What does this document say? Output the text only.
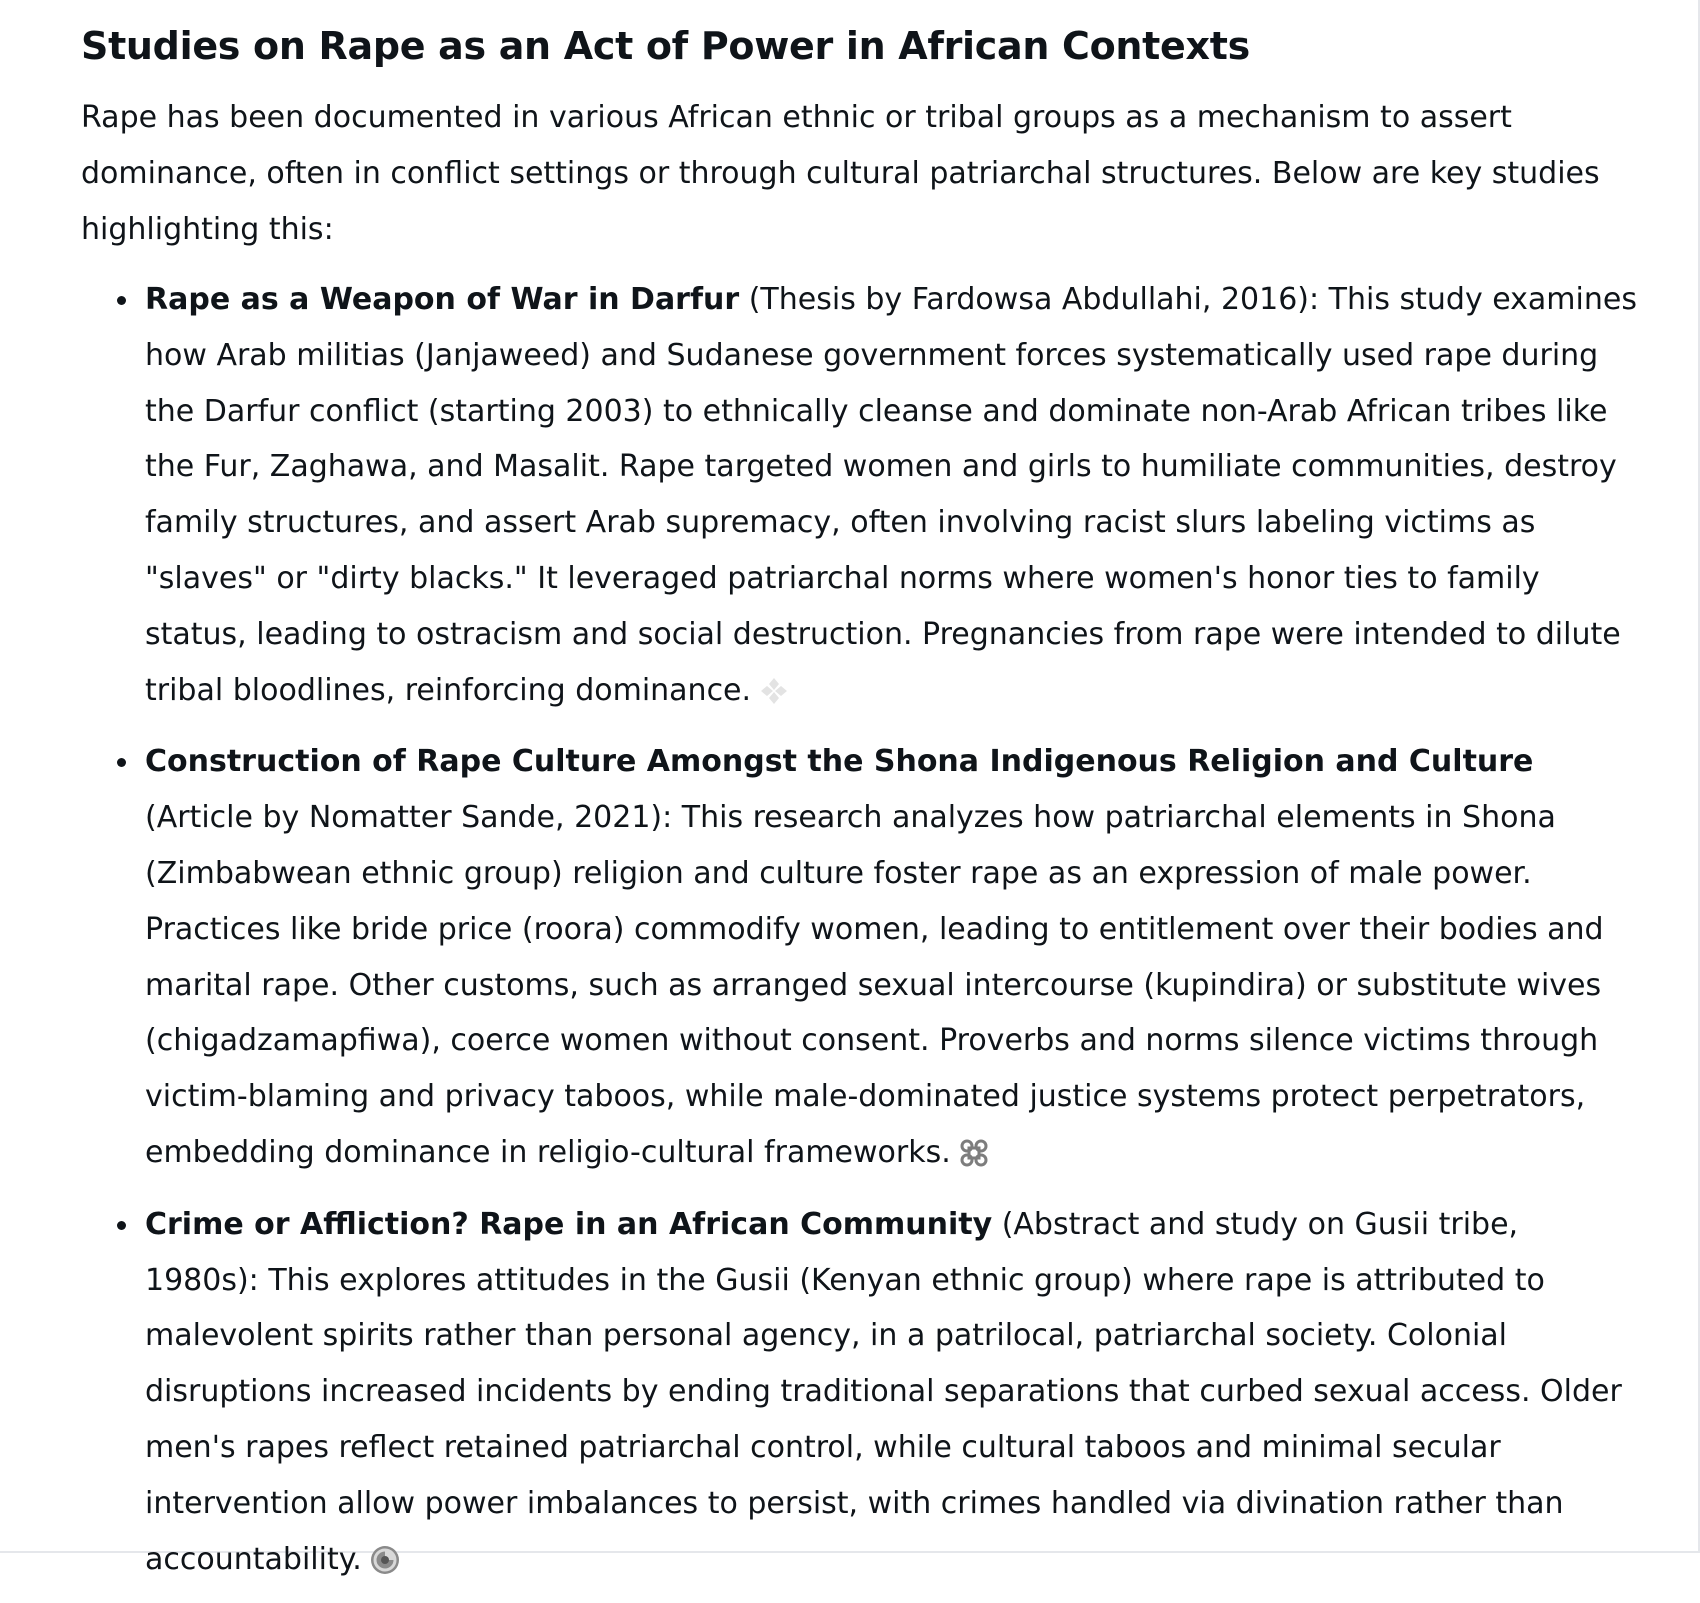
Studies on Rape as an Act of Power in African Contexts

Rape has been documented in various African ethnic or tribal groups as a mechanism to assert dominance, often in conflict settings or through cultural patriarchal structures. Below are key studies highlighting this:

Rape as a Weapon of War in Darfur (Thesis by Fardowsa Abdullahi, 2016): This study examines how Arab militias (Janjaweed) and Sudanese government forces systematically used rape during the Darfur conflict (starting 2003) to ethnically cleanse and dominate non-Arab African tribes like the Fur, Zaghawa, and Masalit. Rape targeted women and girls to humiliate communities, destroy family structures, and assert Arab supremacy, often involving racist slurs labeling victims as "slaves" or "dirty blacks." It leveraged patriarchal norms where women's honor ties to family status, leading to ostracism and social destruction. Pregnancies from rape were intended to dilute tribal bloodlines, reinforcing dominance.
Construction of Rape Culture Amongst the Shona Indigenous Religion and Culture (Article by Nomatter Sande, 2021): This research analyzes how patriarchal elements in Shona (Zimbabwean ethnic group) religion and culture foster rape as an expression of male power. Practices like bride price (roora) commodify women, leading to entitlement over their bodies and marital rape. Other customs, such as arranged sexual intercourse (kupindira) or substitute wives (chigadzamapfiwa), coerce women without consent. Proverbs and norms silence victims through victim-blaming and privacy taboos, while male-dominated justice systems protect perpetrators, embedding dominance in religio-cultural frameworks.
Crime or Affliction? Rape in an African Community (Abstract and study on Gusii tribe, 1980s): This explores attitudes in the Gusii (Kenyan ethnic group) where rape is attributed to malevolent spirits rather than personal agency, in a patrilocal, patriarchal society. Colonial disruptions increased incidents by ending traditional separations that curbed sexual access. Older men's rapes reflect retained patriarchal control, while cultural taboos and minimal secular intervention allow power imbalances to persist, with crimes handled via divination rather than accountability.
